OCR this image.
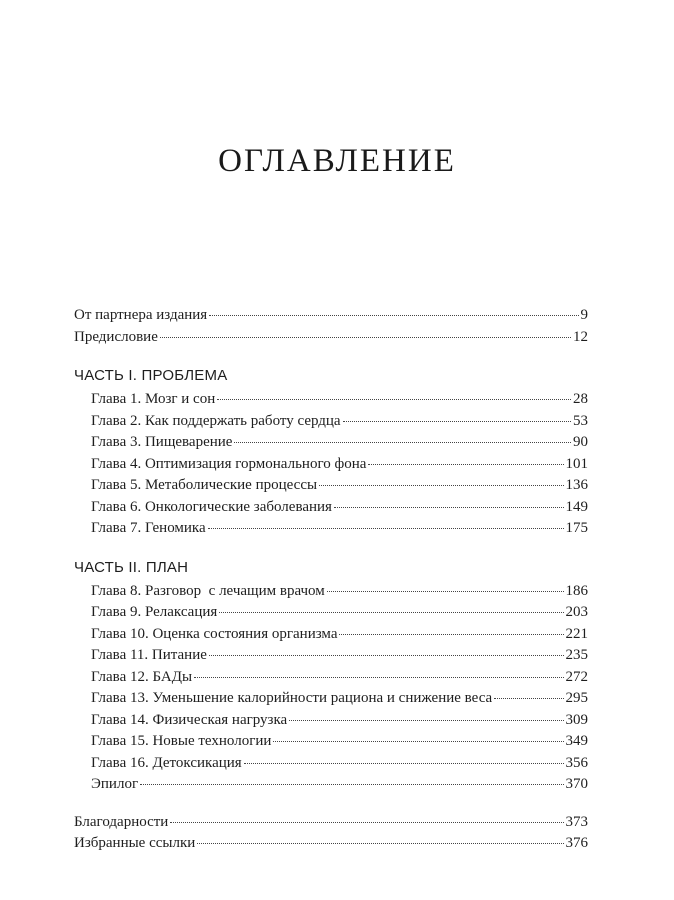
ОГЛАВЛЕНИЕ
От партнера издания	9
Предисловие	12
ЧАСТЬ I. ПРОБЛЕМА
Глава 1. Мозг и сон	28
Глава 2. Как поддержать работу сердца	53
Глава 3. Пищеварение	90
Глава 4. Оптимизация гормонального фона	101
Глава 5. Метаболические процессы	136
Глава 6. Онкологические заболевания	149
Глава 7. Геномика	175
ЧАСТЬ II. ПЛАН
Глава 8. Разговор  с лечащим врачом	186
Глава 9. Релаксация	203
Глава 10. Оценка состояния организма	221
Глава 11. Питание	235
Глава 12. БАДы	272
Глава 13. Уменьшение калорийности рациона и снижение веса	295
Глава 14. Физическая нагрузка	309
Глава 15. Новые технологии	349
Глава 16. Детоксикация	356
Эпилог	370
Благодарности	373
Избранные ссылки	376
